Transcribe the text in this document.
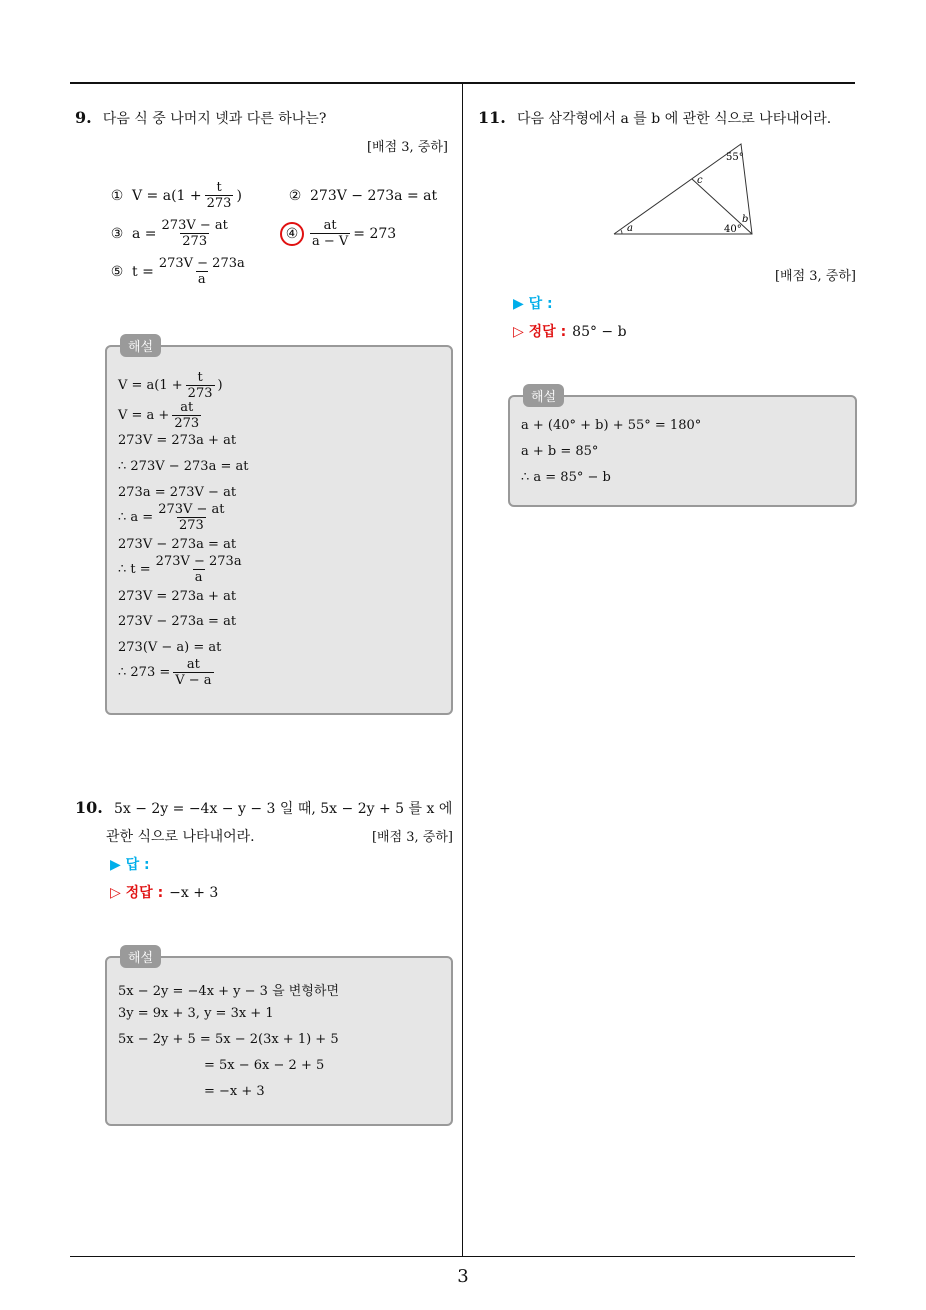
9. 다음 식 중 나머지 넷과 다른 하나는?
[배점 3, 중하]
① $V = a(1 + \frac{t}{273}$ )	② 273V − 273a = at
③ $a = \frac{273V - at}{273}$	④ $\frac{at}{a - V} = 273$
⑤ $t = \frac{273V - 273a}{a}$
해설
$V = a(1 + \frac{t}{273}$ )
$V = a + \frac{at}{273}$
273V = 273a + at
∴ 273V − 273a = at
273a = 273V − at
∴ $a = \frac{273V - at}{273}$
273V − 273a = at
∴ $t = \frac{273V - 273a}{a}$
273V = 273a + at
273V − 273a = at
273(V − a) = at
∴ $273 = \frac{at}{V - a}$
10. 5x − 2y = −4x − y − 3 일 때, 5x − 2y + 5 를 x 에
관한 식으로 나타내어라.	[배점 3, 중하]
▶ 답 :
▷ 정답 : −x + 3
해설
5x − 2y = −4x + y − 3 을 변형하면
3y = 9x + 3, y = 3x + 1
5x − 2y + 5 = 5x − 2(3x + 1) + 5
= 5x − 6x − 2 + 5
= −x + 3
11. 다음 삼각형에서 a 를 b 에 관한 식으로 나타내어라.
55°
c
b
a	40°
[배점 3, 중하]
▶ 답 :
▷ 정답 : 85° − b
해설
a + (40° + b) + 55° = 180°
a + b = 85°
∴ a = 85° − b
3
